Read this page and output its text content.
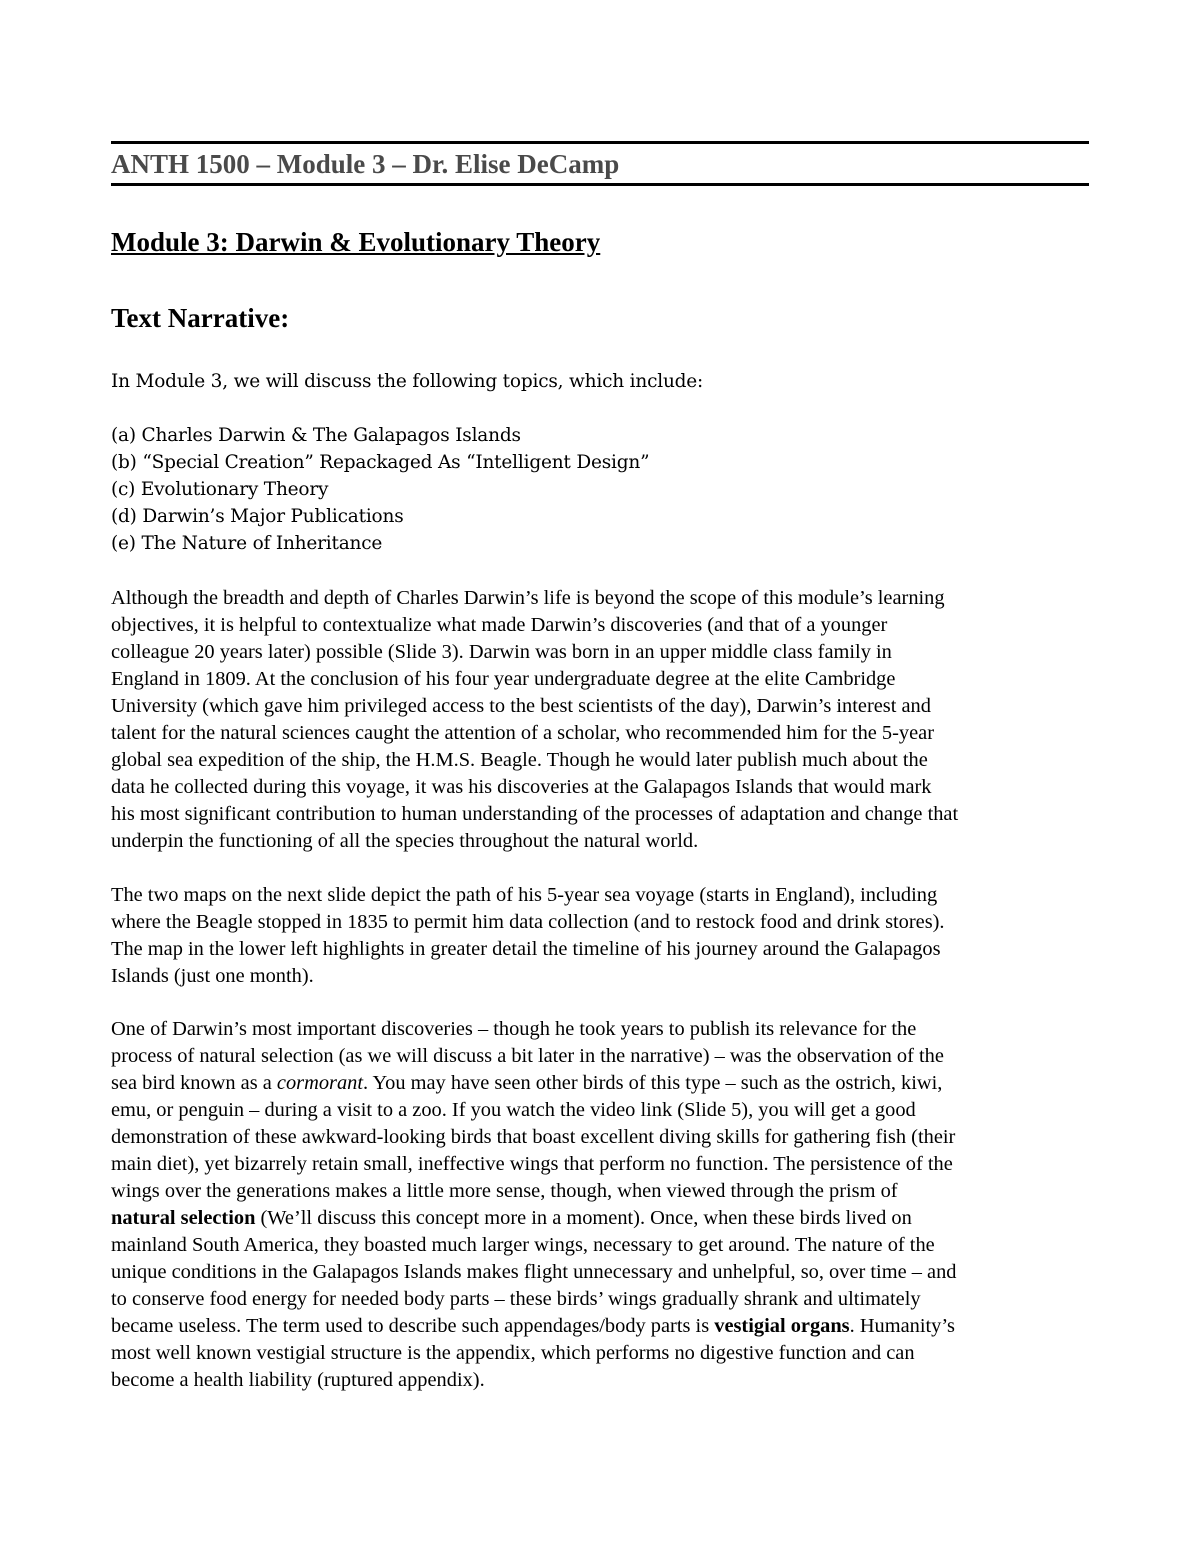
ANTH 1500 – Module 3 – Dr. Elise DeCamp
Module 3: Darwin & Evolutionary Theory
Text Narrative:
In Module 3, we will discuss the following topics, which include:
(a) Charles Darwin & The Galapagos Islands
(b) “Special Creation” Repackaged As “Intelligent Design”
(c) Evolutionary Theory
(d) Darwin’s Major Publications
(e) The Nature of Inheritance

Although the breadth and depth of Charles Darwin’s life is beyond the scope of this module’s learning
objectives, it is helpful to contextualize what made Darwin’s discoveries (and that of a younger
colleague 20 years later) possible (Slide 3). Darwin was born in an upper middle class family in
England in 1809. At the conclusion of his four year undergraduate degree at the elite Cambridge
University (which gave him privileged access to the best scientists of the day), Darwin’s interest and
talent for the natural sciences caught the attention of a scholar, who recommended him for the 5-year
global sea expedition of the ship, the H.M.S. Beagle. Though he would later publish much about the
data he collected during this voyage, it was his discoveries at the Galapagos Islands that would mark
his most significant contribution to human understanding of the processes of adaptation and change that
underpin the functioning of all the species throughout the natural world.

The two maps on the next slide depict the path of his 5-year sea voyage (starts in England), including
where the Beagle stopped in 1835 to permit him data collection (and to restock food and drink stores).
The map in the lower left highlights in greater detail the timeline of his journey around the Galapagos
Islands (just one month).

One of Darwin’s most important discoveries – though he took years to publish its relevance for the
process of natural selection (as we will discuss a bit later in the narrative) – was the observation of the
sea bird known as a cormorant. You may have seen other birds of this type – such as the ostrich, kiwi,
emu, or penguin – during a visit to a zoo. If you watch the video link (Slide 5), you will get a good
demonstration of these awkward-looking birds that boast excellent diving skills for gathering fish (their
main diet), yet bizarrely retain small, ineffective wings that perform no function. The persistence of the
wings over the generations makes a little more sense, though, when viewed through the prism of
natural selection (We’ll discuss this concept more in a moment). Once, when these birds lived on
mainland South America, they boasted much larger wings, necessary to get around. The nature of the
unique conditions in the Galapagos Islands makes flight unnecessary and unhelpful, so, over time – and
to conserve food energy for needed body parts – these birds’ wings gradually shrank and ultimately
became useless. The term used to describe such appendages/body parts is vestigial organs. Humanity’s
most well known vestigial structure is the appendix, which performs no digestive function and can
become a health liability (ruptured appendix).
